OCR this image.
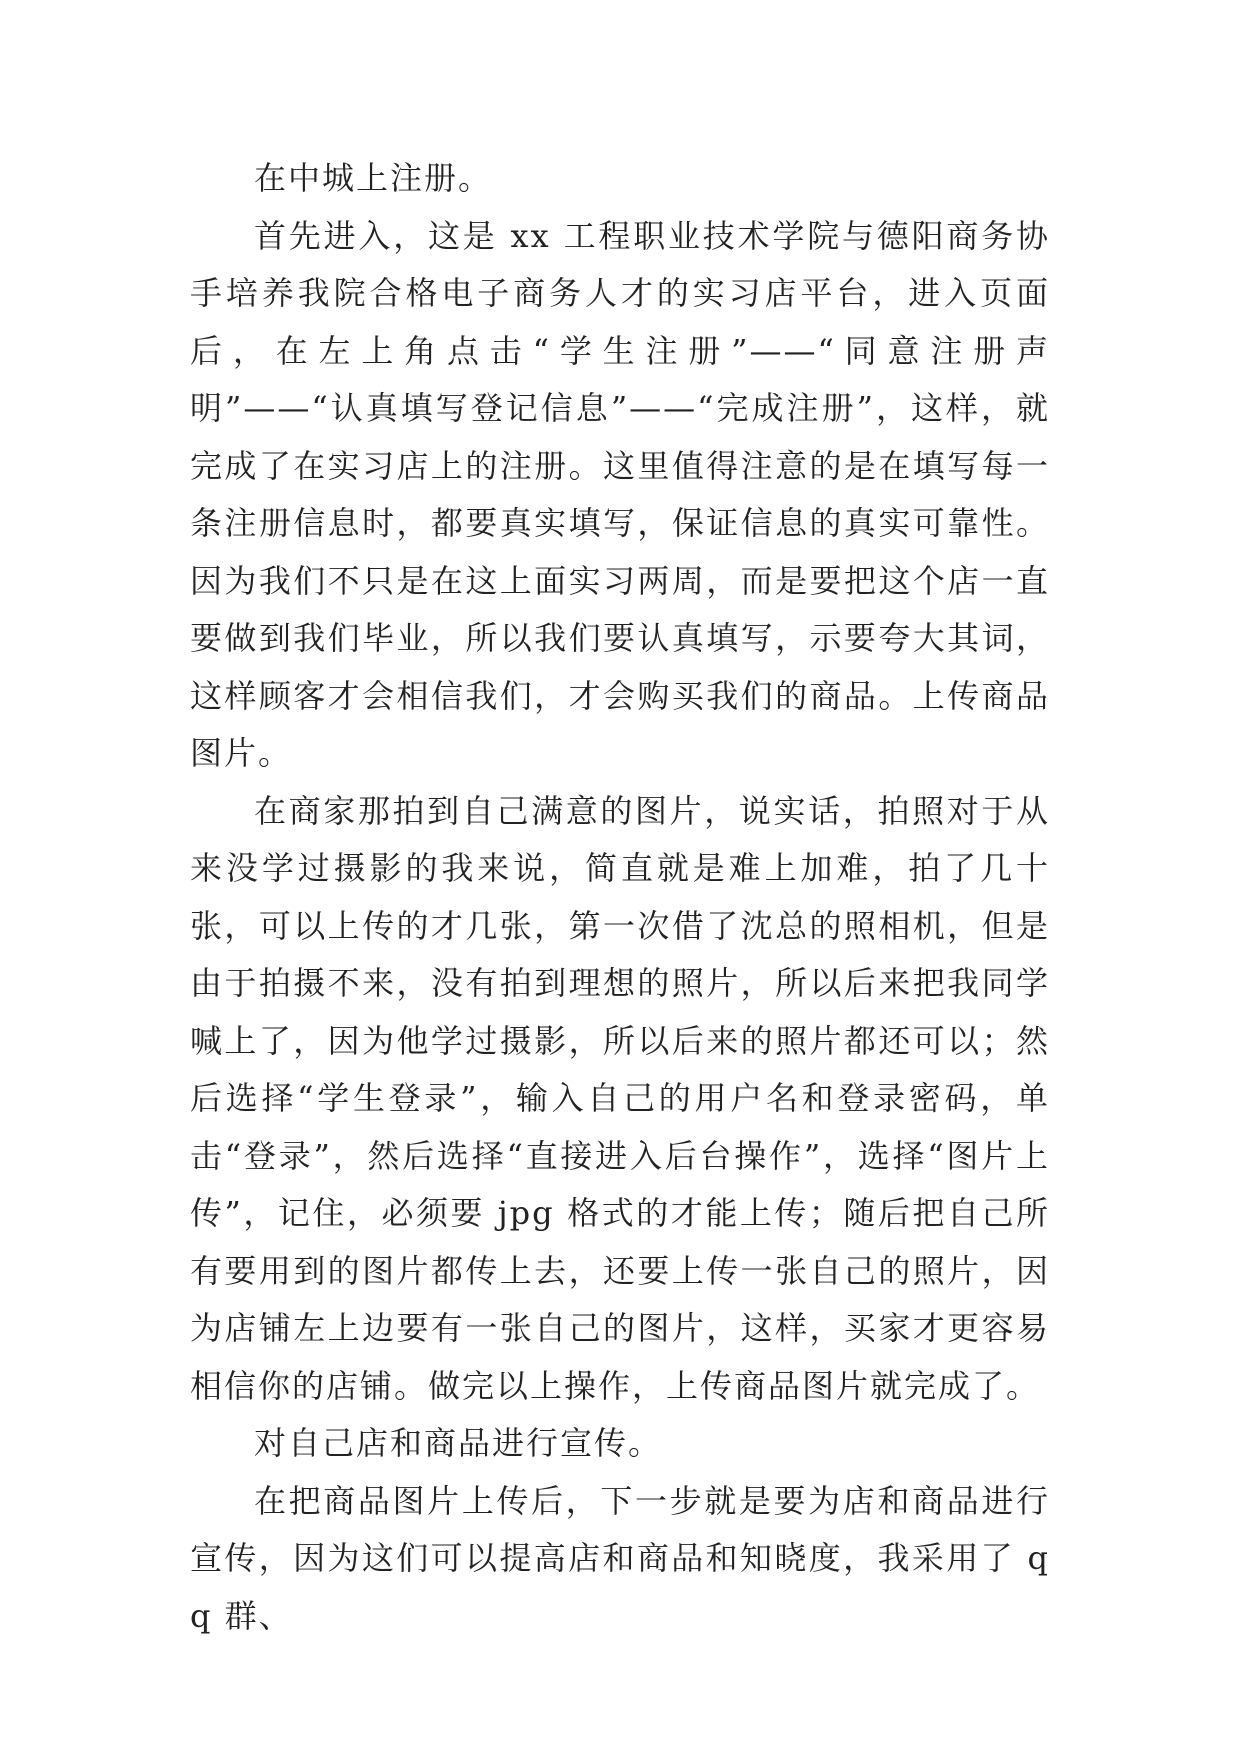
在中城上注册。

首先进入，这是 xx 工程职业技术学院与德阳商务协手培养我院合格电子商务人才的实习店平台，进入页面后，在左上角点击“学生注册”——“同意注册声明”——“认真填写登记信息”——“完成注册”，这样，就完成了在实习店上的注册。这里值得注意的是在填写每一条注册信息时，都要真实填写，保证信息的真实可靠性。因为我们不只是在这上面实习两周，而是要把这个店一直要做到我们毕业，所以我们要认真填写，示要夸大其词，这样顾客才会相信我们，才会购买我们的商品。上传商品图片。

在商家那拍到自己满意的图片，说实话，拍照对于从来没学过摄影的我来说，简直就是难上加难，拍了几十张，可以上传的才几张，第一次借了沈总的照相机，但是由于拍摄不来，没有拍到理想的照片，所以后来把我同学喊上了，因为他学过摄影，所以后来的照片都还可以；然后选择“学生登录”，输入自己的用户名和登录密码，单击“登录”，然后选择“直接进入后台操作”，选择“图片上传”，记住，必须要 jpg 格式的才能上传；随后把自己所有要用到的图片都传上去，还要上传一张自己的照片，因为店铺左上边要有一张自己的图片，这样，买家才更容易相信你的店铺。做完以上操作，上传商品图片就完成了。

对自己店和商品进行宣传。

在把商品图片上传后，下一步就是要为店和商品进行宣传，因为这们可以提高店和商品和知晓度，我采用了 qq 群、
